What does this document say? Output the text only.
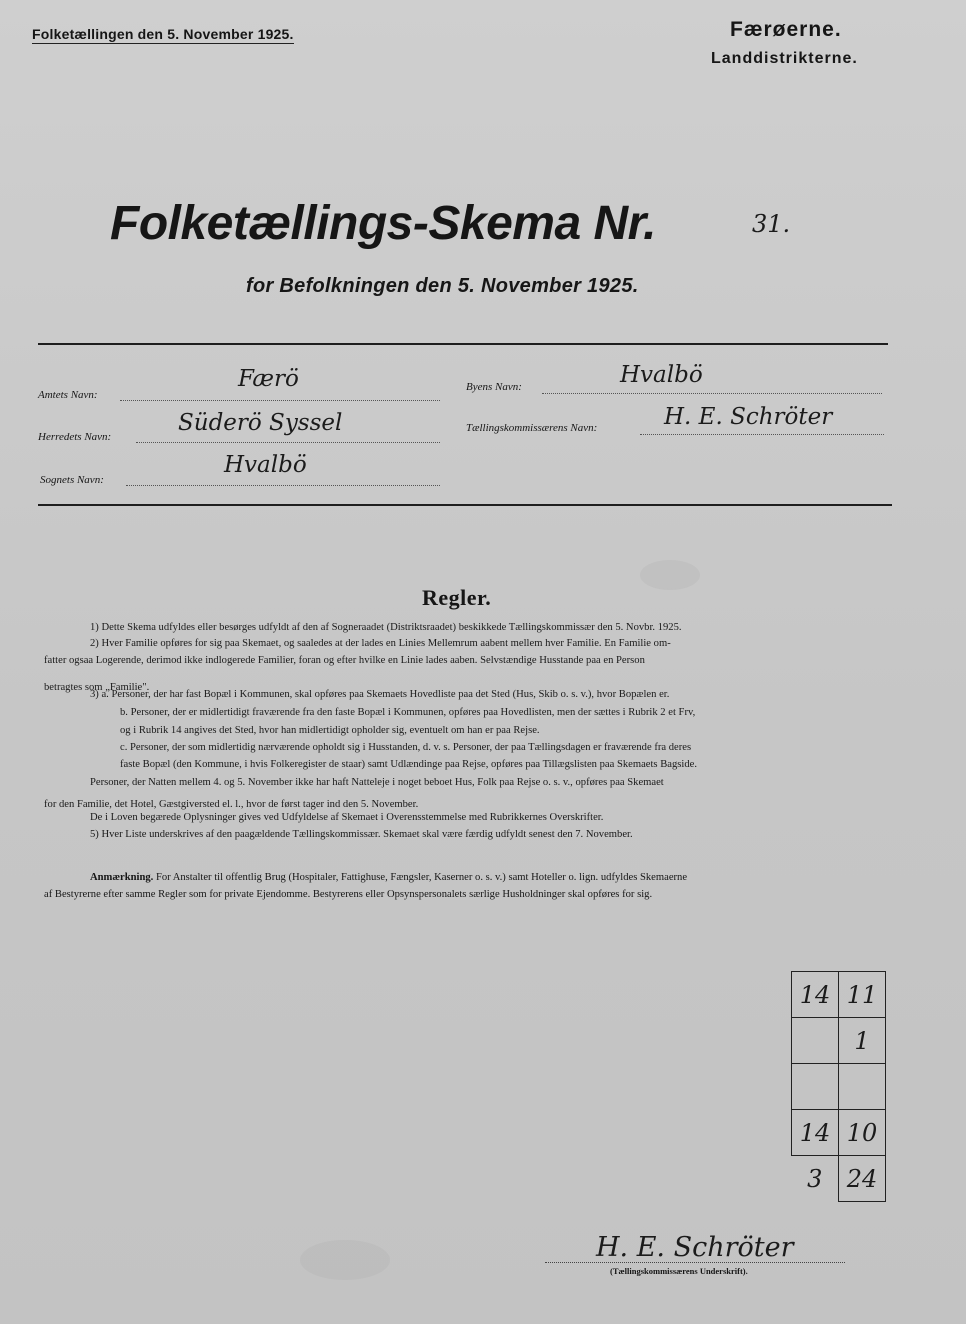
Folketællingen den 5. November 1925.	Færøerne.
Landdistrikterne.
Folketællings-Skema Nr.	31.
for Befolkningen den 5. November 1925.
Amtets Navn:
Færö	Byens Navn:	Hvalbö
Herredets Navn:
Süderö Syssel	Tællingskommissærens Navn:	H. E. Schröter
Sognets Navn:
Hvalbö
Regler.
1) Dette Skema udfyldes eller besørges udfyldt af den af Sogneraadet (Distriktsraadet) beskikkede Tællingskommissær den 5. Novbr. 1925.
2) Hver Familie opføres for sig paa Skemaet, og saaledes at der lades en Linies Mellemrum aabent mellem hver Familie. En Familie om-
fatter ogsaa Logerende, derimod ikke indlogerede Familier, foran og efter hvilke en Linie lades aaben. Selvstændige Husstande paa en Person
betragtes som „Familie".
3) a. Personer, der har fast Bopæl i Kommunen, skal opføres paa Skemaets Hovedliste paa det Sted (Hus, Skib o. s. v.), hvor Bopælen er.
b. Personer, der er midlertidigt fraværende fra den faste Bopæl i Kommunen, opføres paa Hovedlisten, men der sættes i Rubrik 2 et Frv,
og i Rubrik 14 angives det Sted, hvor han midlertidigt opholder sig, eventuelt om han er paa Rejse.
c. Personer, der som midlertidig nærværende opholdt sig i Husstanden, d. v. s. Personer, der paa Tællingsdagen er fraværende fra deres
faste Bopæl (den Kommune, i hvis Folkeregister de staar) samt Udlændinge paa Rejse, opføres paa Tillægslisten paa Skemaets Bagside.
Personer, der Natten mellem 4. og 5. November ikke har haft Natteleje i noget beboet Hus, Folk paa Rejse o. s. v., opføres paa Skemaet
for den Familie, det Hotel, Gæstgiversted el. l., hvor de først tager ind den 5. November.
De i Loven begærede Oplysninger gives ved Udfyldelse af Skemaet i Overensstemmelse med Rubrikkernes Overskrifter.
5) Hver Liste underskrives af den paagældende Tællingskommissær. Skemaet skal være færdig udfyldt senest den 7. November.
Anmærkning. For Anstalter til offentlig Brug (Hospitaler, Fattighuse, Fængsler, Kaserner o. s. v.) samt Hoteller o. lign. udfyldes Skemaerne
af Bestyrerne efter samme Regler som for private Ejendomme. Bestyrerens eller Opsynspersonalets særlige Husholdninger skal opføres for sig.
14	11
	1

14	10
3	24
H. E. Schröter
(Tællingskommissærens Underskrift).
